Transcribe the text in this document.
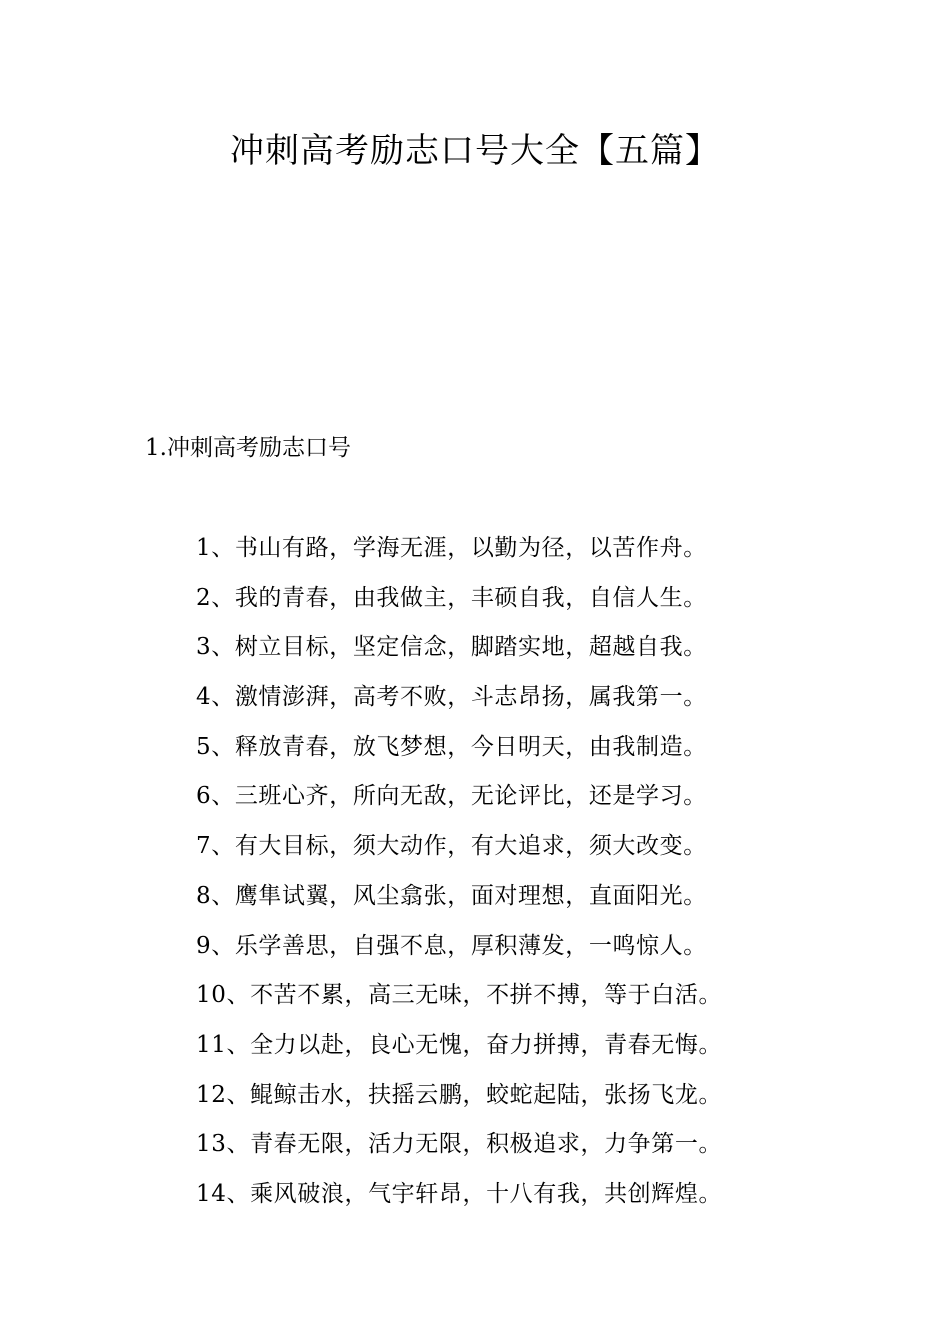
冲刺高考励志口号大全【五篇】
1.冲刺高考励志口号
1、书山有路，学海无涯，以勤为径，以苦作舟。
2、我的青春，由我做主，丰硕自我，自信人生。
3、树立目标，坚定信念，脚踏实地，超越自我。
4、激情澎湃，高考不败，斗志昂扬，属我第一。
5、释放青春，放飞梦想，今日明天，由我制造。
6、三班心齐，所向无敌，无论评比，还是学习。
7、有大目标，须大动作，有大追求，须大改变。
8、鹰隼试翼，风尘翕张，面对理想，直面阳光。
9、乐学善思，自强不息，厚积薄发，一鸣惊人。
10、不苦不累，高三无味，不拼不搏，等于白活。
11、全力以赴，良心无愧，奋力拼搏，青春无悔。
12、鲲鲸击水，扶摇云鹏，蛟蛇起陆，张扬飞龙。
13、青春无限，活力无限，积极追求，力争第一。
14、乘风破浪，气宇轩昂，十八有我，共创辉煌。
